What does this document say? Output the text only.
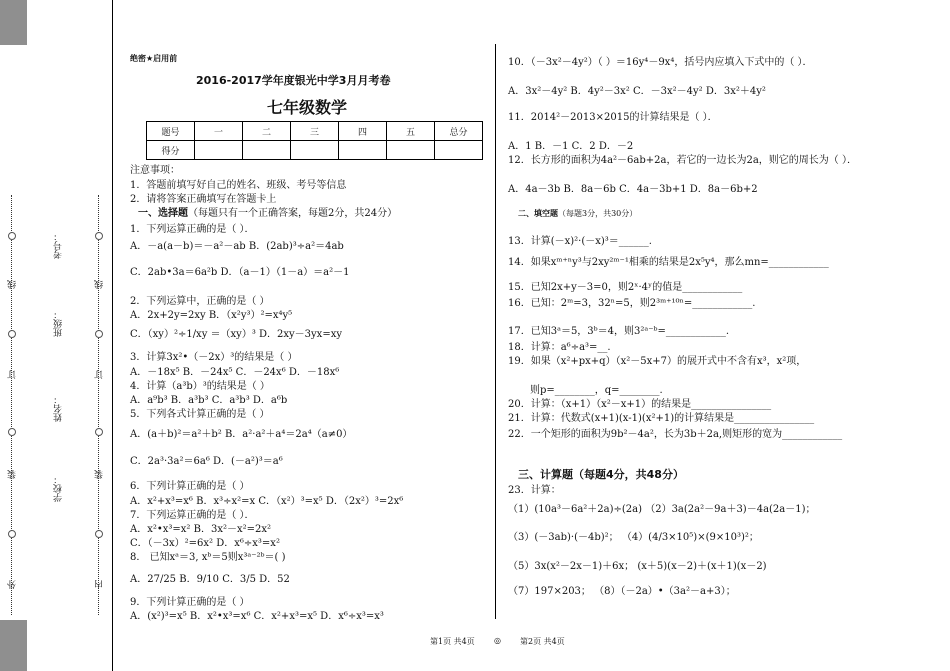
外
装
订
线
内
装
订
线
学校：
姓名：
班级：
考号：
绝密★启用前
2016-2017学年度银光中学3月月考卷
七年级数学
题号	一	二	三	四	五	总分
得分						
注意事项：
1．答题前填写好自己的姓名、班级、考号等信息
2．请将答案正确填写在答题卡上
一、选择题（每题只有一个正确答案，每题2分，共24分）
1．下列运算正确的是（ ）．
A．－a(a－b)＝－a²－ab B．(2ab)³÷a²＝4ab
C．2ab•3a＝6a²b D．（a－1）（1－a）＝a²－1
2．下列运算中，正确的是（ ）
A．2x+2y=2xy B．（x²y³）²=x⁴y⁵
C．（xy）²÷1/xy ＝（xy）³ D．2xy－3yx=xy
3．计算3x²•（－2x）³的结果是（ ）
A．－18x⁵ B．－24x⁵ C．－24x⁶ D．－18x⁶
4．计算（a³b）³的结果是（ ）
A．a⁹b³ B．a³b³ C．a³b³ D．a⁶b
5．下列各式计算正确的是（ ）
A．(a＋b)²＝a²＋b² B．a²·a²＋a⁴＝2a⁴（a≠0）
C．2a³·3a²＝6a⁶ D．(－a²)³＝a⁶
6．下列计算正确的是（ ）
A．x²+x³=x⁶ B．x³÷x²=x C．（x²）³=x⁵ D．（2x²）³=2x⁶
7．下列运算正确的是（ ）．
A．x²•x³=x² B．3x²－x²=2x²
C．（－3x）²=6x² D．x⁶÷x³=x²
8． 已知xᵃ＝3, xᵇ＝5则x³ᵃ⁻²ᵇ＝( )
A．27/25 B．9/10 C．3/5 D．52
9．下列计算正确的是（ ）
A．(x²)³=x⁵ B．x²•x³=x⁶ C．x²+x³=x⁵ D．x⁶÷x³=x³
10．（－3x²－4y²）（ ）＝16y⁴－9x⁴，括号内应填入下式中的（ ）．
A．3x²－4y² B．4y²－3x² C．－3x²－4y² D．3x²＋4y²
11．2014²－2013×2015的计算结果是（ ）．
A．1 B．－1 C．2 D．－2
12．长方形的面积为4a²－6ab+2a，若它的一边长为2a，则它的周长为（ ）．
A．4a－3b B．8a－6b C．4a－3b+1 D．8a－6b+2
二、填空题（每题3分，共30分）
13．计算(－x)²·(－x)³＝______.
14．如果xᵐ⁺ⁿy³与2xy²ᵐ⁻¹相乘的结果是2x⁵y⁴，那么mn=____________
15．已知2x+y－3=0，则2ˣ·4ʸ的值是____________
16．已知：2ᵐ=3，32ⁿ=5，则2³ᵐ⁺¹⁰ⁿ=____________.
17．已知3ᵃ＝5，3ᵇ＝4，则3²ᵃ⁻ᵇ=____________.
18．计算：a⁶÷a³=__.
19．如果（x²+px+q）（x²－5x+7）的展开式中不含有x³，x²项，
则p=________，q=________.
20．计算：（x+1）（x²－x+1）的结果是________________
21．计算：代数式(x+1)(x-1)(x²+1)的计算结果是________________
22．一个矩形的面积为9b²－4a²，长为3b＋2a,则矩形的宽为____________
三、计算题（每题4分，共48分）
23．计算：
（1）(10a³－6a²＋2a)÷(2a) （2）3a(2a²－9a＋3)－4a(2a－1)；
（3）(－3ab)·(－4b)²； （4）(4/3×10⁵)×(9×10³)²；
（5）3x(x²－2x－1)＋6x； (x＋5)(x－2)＋(x＋1)(x－2)
（7）197×203； （8）（－2a）•（3a²－a+3）；
第1页 共4页 ◎ 第2页 共4页
